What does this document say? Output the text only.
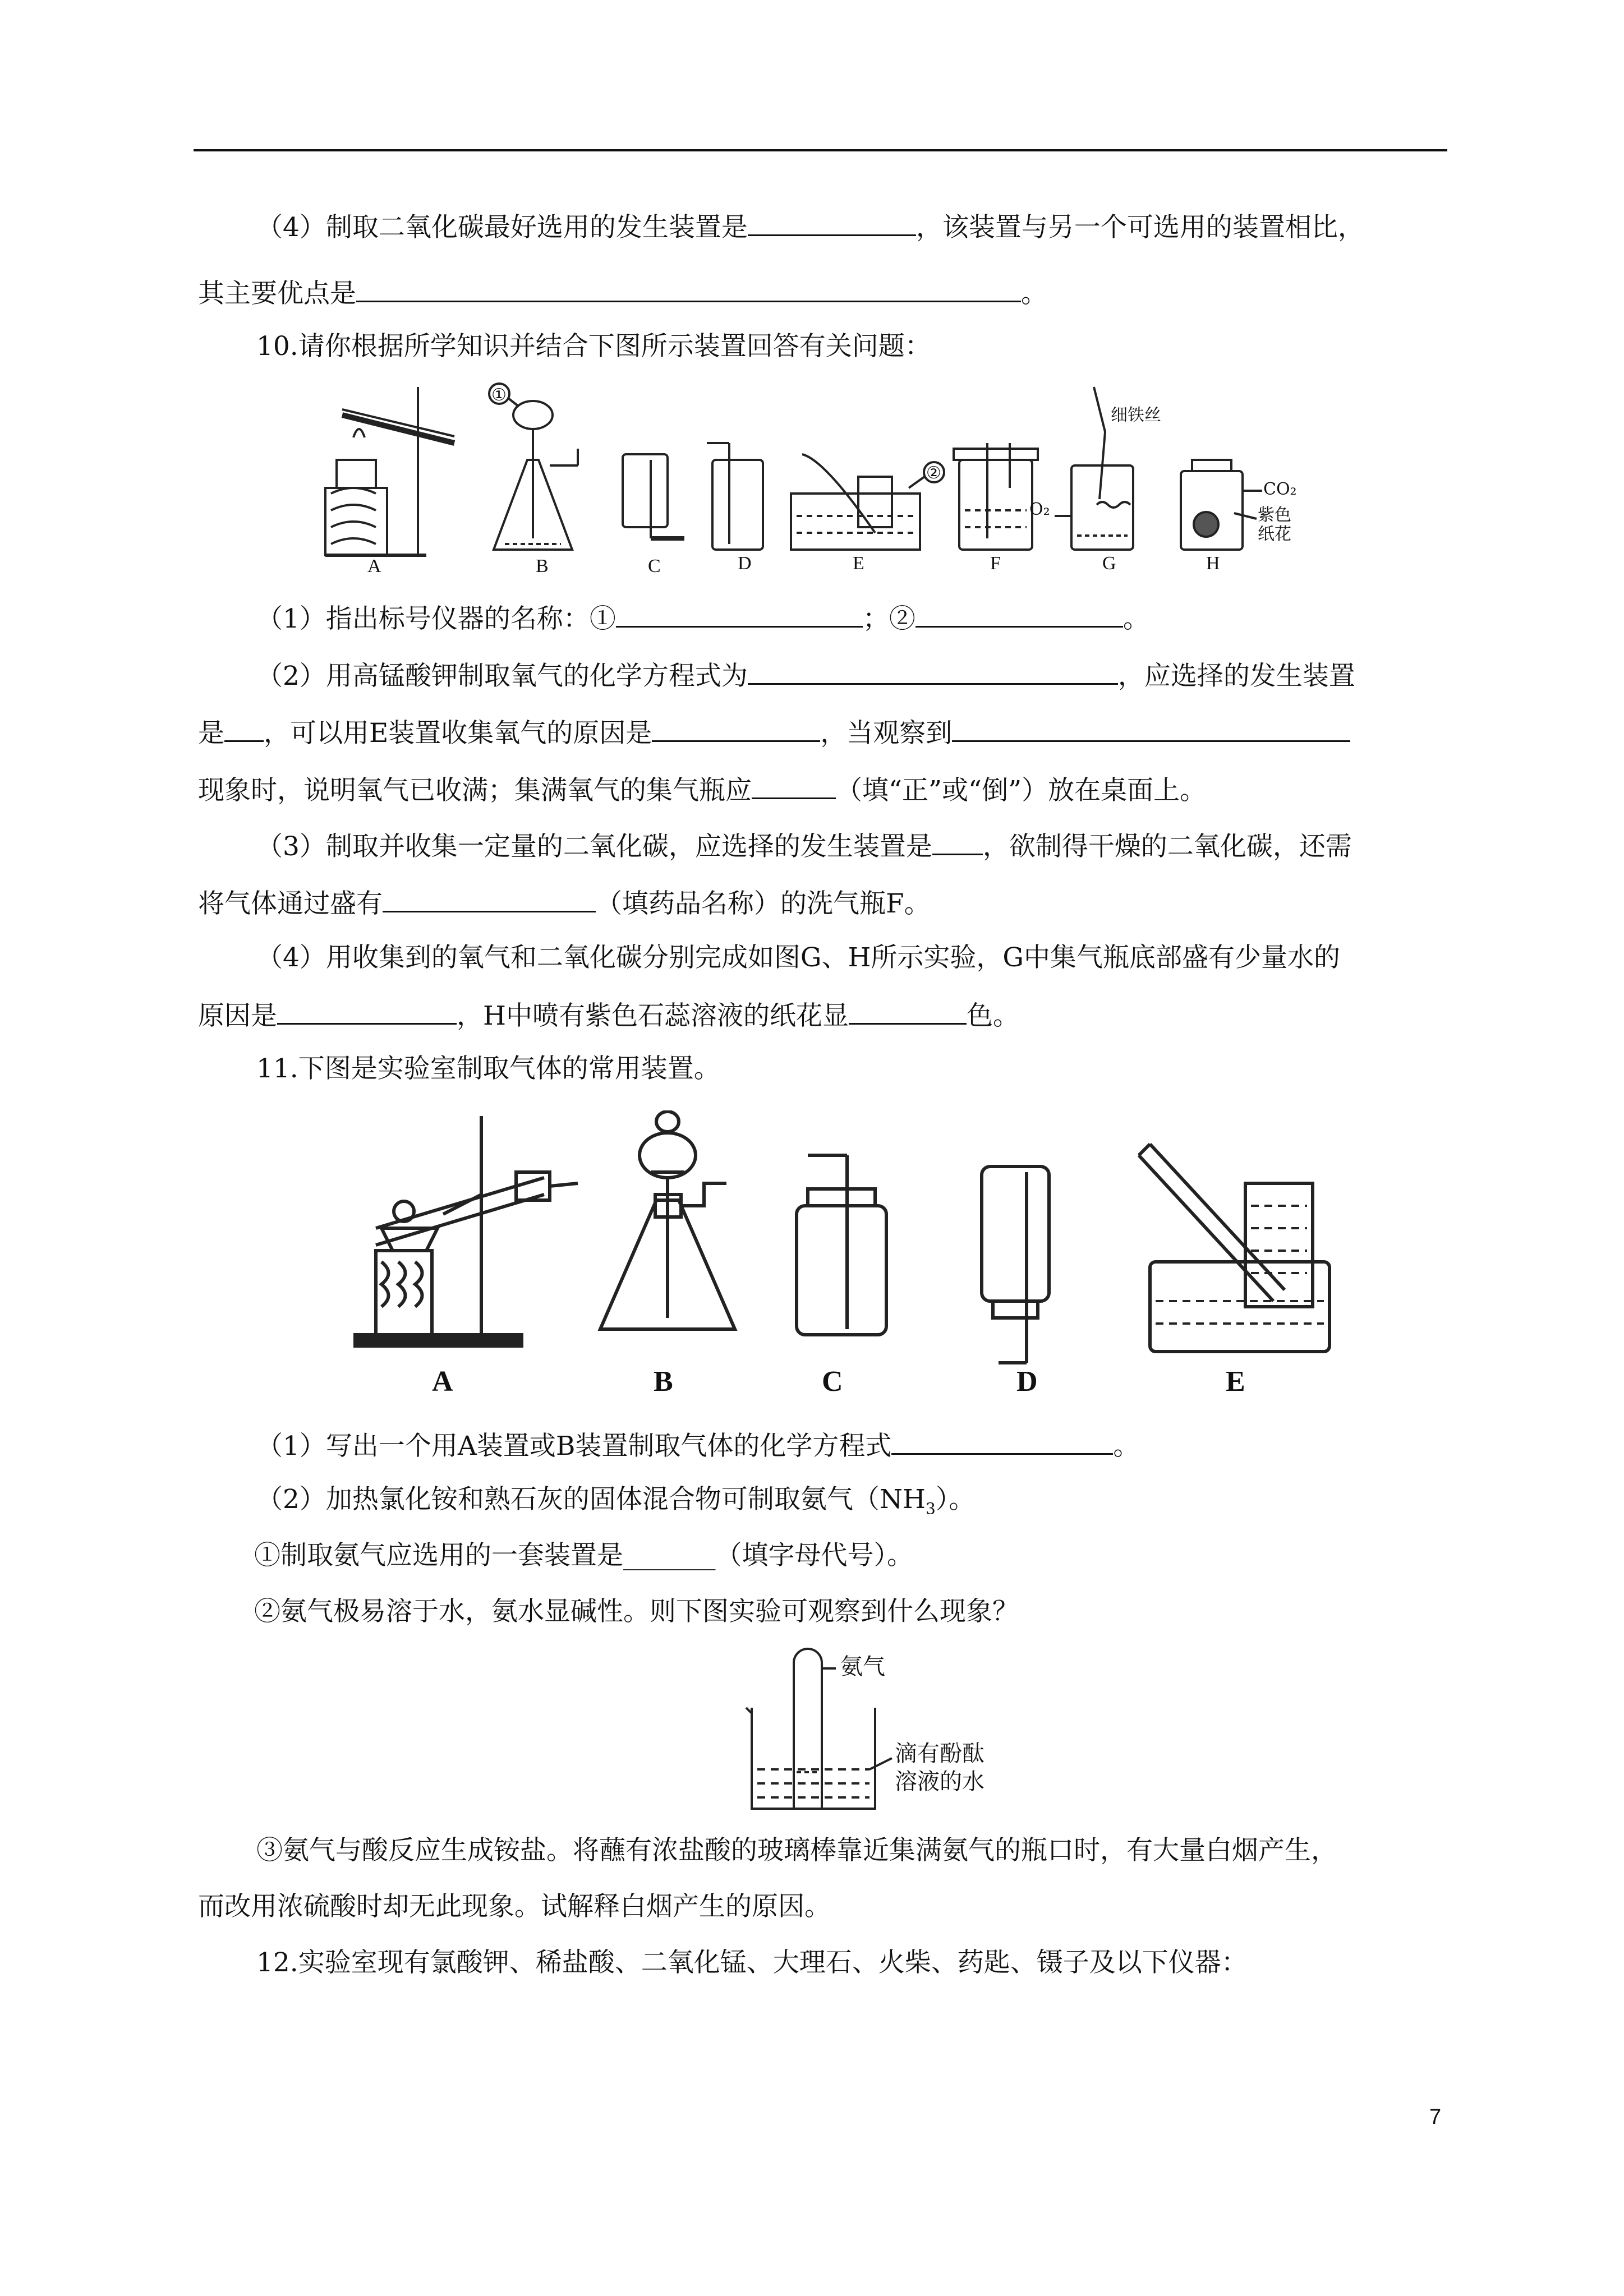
（4）制取二氧化碳最好选用的发生装置是	，该装置与另一个可选用的装置相比，
其主要优点是	。
10.请你根据所学知识并结合下图所示装置回答有关问题：
A	B	C	D	E	F	G	H
①
②
细铁丝
O₂
CO₂
紫色
纸花
（1）指出标号仪器的名称：①	；②	。
（2）用高锰酸钾制取氧气的化学方程式为	，应选择的发生装置
是 ，可以用E装置收集氧气的原因是	，当观察到
现象时，说明氧气已收满；集满氧气的集气瓶应	（填“正”或“倒”）放在桌面上。
（3）制取并收集一定量的二氧化碳，应选择的发生装置是 ，欲制得干燥的二氧化碳，还需
将气体通过盛有	（填药品名称）的洗气瓶F。
（4）用收集到的氧气和二氧化碳分别完成如图G、H所示实验，G中集气瓶底部盛有少量水的
原因是	，H中喷有紫色石蕊溶液的纸花显	色。
11.下图是实验室制取气体的常用装置。
A	B	C	D	E
（1）写出一个用A装置或B装置制取气体的化学方程式	。
（2）加热氯化铵和熟石灰的固体混合物可制取氨气$(NH_3)$。
①制取氨气应选用的一套装置是_______（填字母代号）。
②氨气极易溶于水，氨水显碱性。则下图实验可观察到什么现象？
氨气
滴有酚酞
溶液的水
③氨气与酸反应生成铵盐。将蘸有浓盐酸的玻璃棒靠近集满氨气的瓶口时，有大量白烟产生，
而改用浓硫酸时却无此现象。试解释白烟产生的原因。
12.实验室现有氯酸钾、稀盐酸、二氧化锰、大理石、火柴、药匙、镊子及以下仪器：
7
